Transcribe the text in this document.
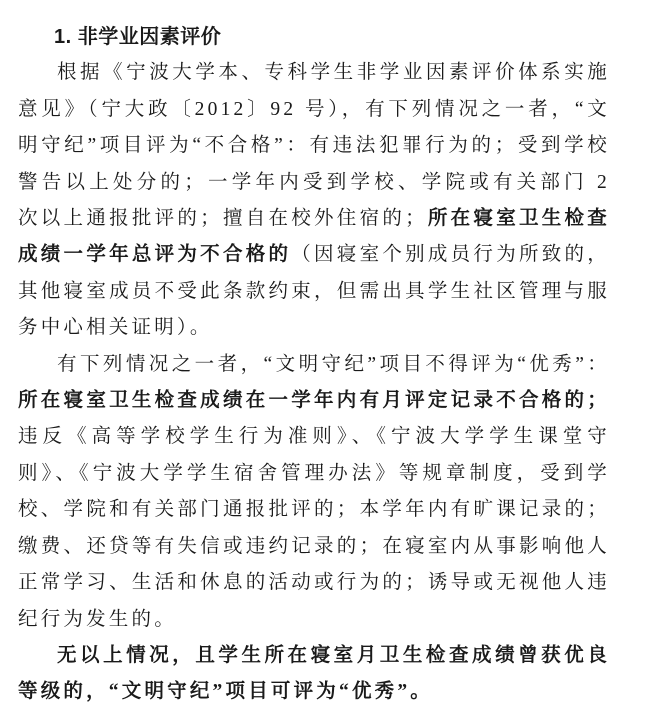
1. 非学业因素评价

根据《宁波大学本、专科学生非学业因素评价体系实施意见》（宁大政〔2012〕92 号），有下列情况之一者，“文明守纪”项目评为“不合格”：有违法犯罪行为的；受到学校警告以上处分的；一学年内受到学校、学院或有关部门 2 次以上通报批评的；擅自在校外住宿的；所在寝室卫生检查成绩一学年总评为不合格的（因寝室个别成员行为所致的，其他寝室成员不受此条款约束，但需出具学生社区管理与服务中心相关证明）。

有下列情况之一者，“文明守纪”项目不得评为“优秀”：所在寝室卫生检查成绩在一学年内有月评定记录不合格的；违反《高等学校学生行为准则》、《宁波大学学生课堂守则》、《宁波大学学生宿舍管理办法》等规章制度，受到学校、学院和有关部门通报批评的；本学年内有旷课记录的；缴费、还贷等有失信或违约记录的；在寝室内从事影响他人正常学习、生活和休息的活动或行为的；诱导或无视他人违纪行为发生的。

无以上情况，且学生所在寝室月卫生检查成绩曾获优良等级的，“文明守纪”项目可评为“优秀”。
